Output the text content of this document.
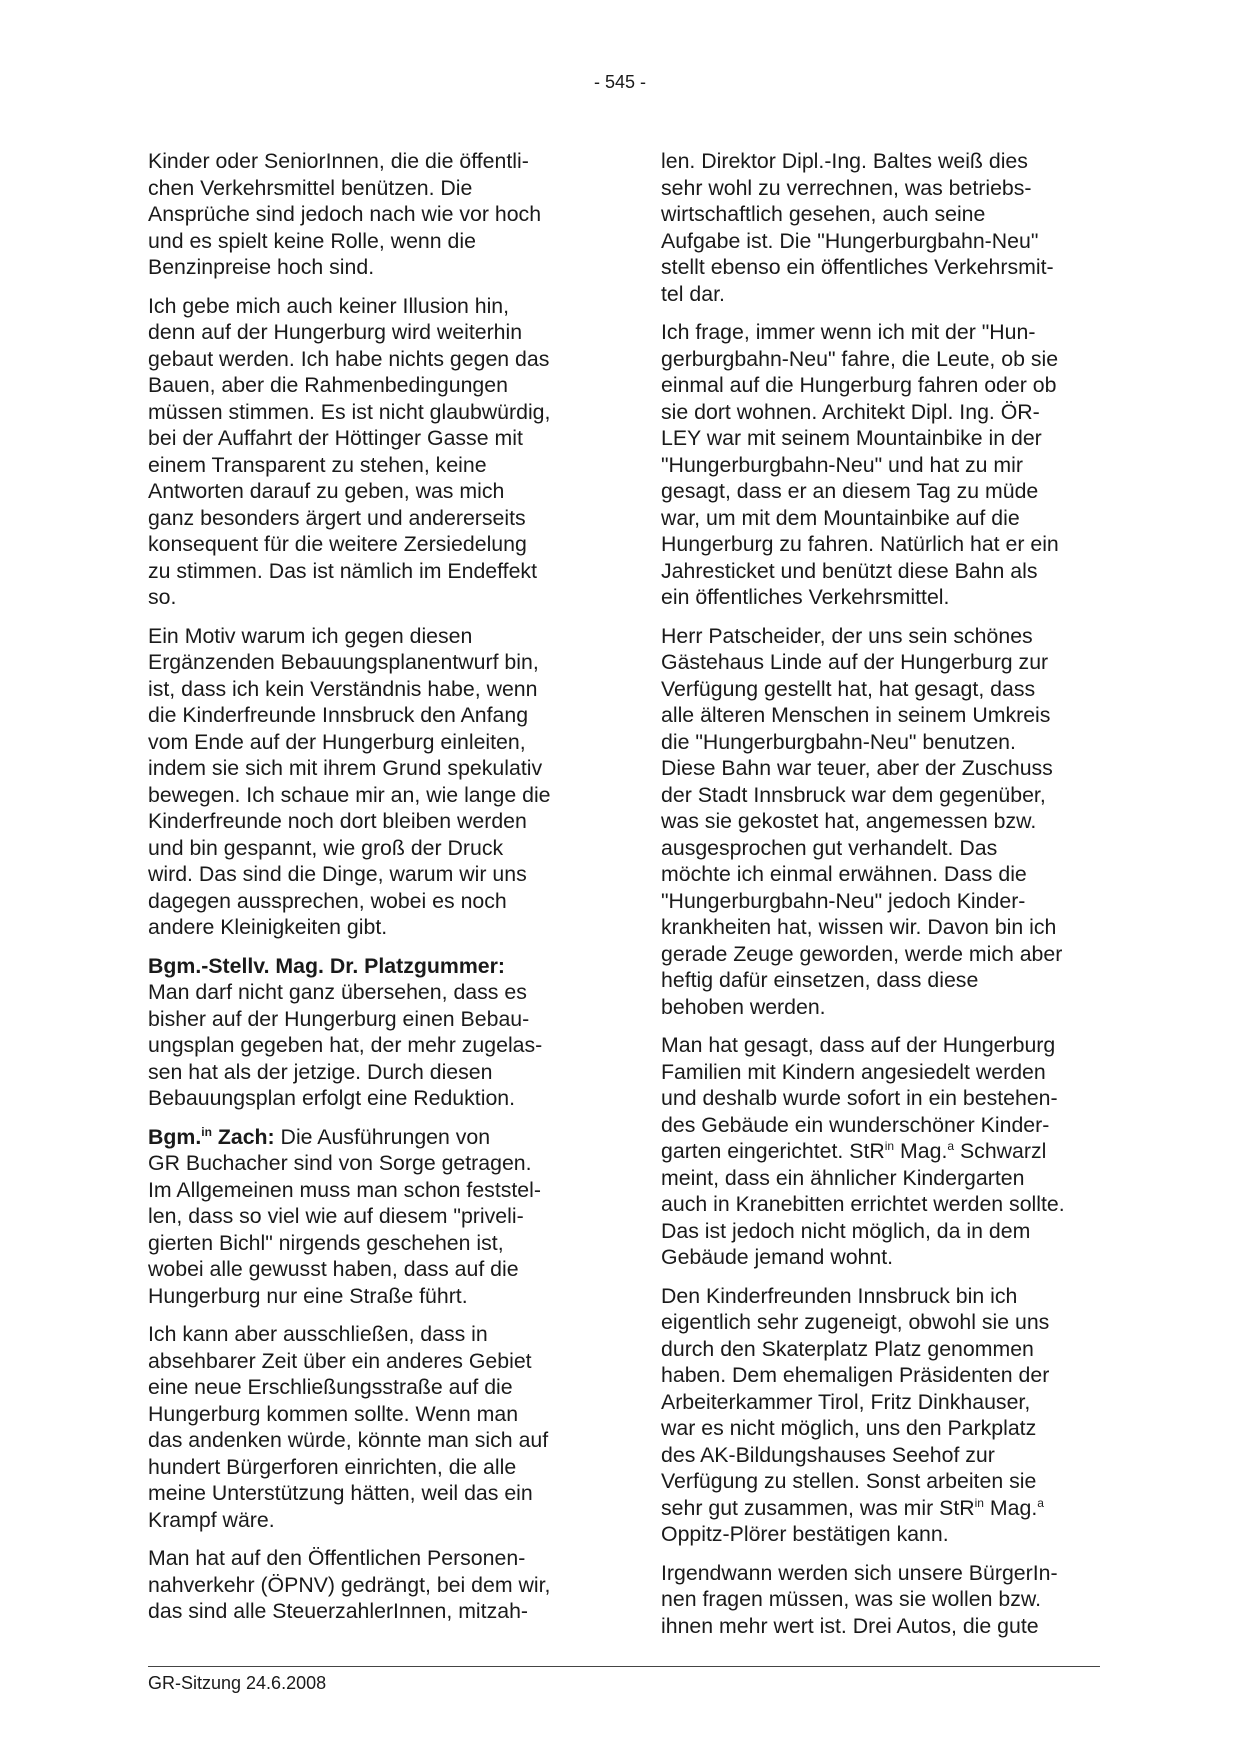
- 545 -

Kinder oder SeniorInnen, die die öffentli-
chen Verkehrsmittel benützen. Die
Ansprüche sind jedoch nach wie vor hoch
und es spielt keine Rolle, wenn die
Benzinpreise hoch sind.

Ich gebe mich auch keiner Illusion hin,
denn auf der Hungerburg wird weiterhin
gebaut werden. Ich habe nichts gegen das
Bauen, aber die Rahmenbedingungen
müssen stimmen. Es ist nicht glaubwürdig,
bei der Auffahrt der Höttinger Gasse mit
einem Transparent zu stehen, keine
Antworten darauf zu geben, was mich
ganz besonders ärgert und andererseits
konsequent für die weitere Zersiedelung
zu stimmen. Das ist nämlich im Endeffekt
so.

Ein Motiv warum ich gegen diesen
Ergänzenden Bebauungsplanentwurf bin,
ist, dass ich kein Verständnis habe, wenn
die Kinderfreunde Innsbruck den Anfang
vom Ende auf der Hungerburg einleiten,
indem sie sich mit ihrem Grund spekulativ
bewegen. Ich schaue mir an, wie lange die
Kinderfreunde noch dort bleiben werden
und bin gespannt, wie groß der Druck
wird. Das sind die Dinge, warum wir uns
dagegen aussprechen, wobei es noch
andere Kleinigkeiten gibt.

Bgm.-Stellv. Mag. Dr. Platzgummer:
Man darf nicht ganz übersehen, dass es
bisher auf der Hungerburg einen Bebau-
ungsplan gegeben hat, der mehr zugelas-
sen hat als der jetzige. Durch diesen
Bebauungsplan erfolgt eine Reduktion.

Bgm.$^{in}$ Zach: Die Ausführungen von
GR Buchacher sind von Sorge getragen.
Im Allgemeinen muss man schon feststel-
len, dass so viel wie auf diesem "priveli-
gierten Bichl" nirgends geschehen ist,
wobei alle gewusst haben, dass auf die
Hungerburg nur eine Straße führt.

Ich kann aber ausschließen, dass in
absehbarer Zeit über ein anderes Gebiet
eine neue Erschließungsstraße auf die
Hungerburg kommen sollte. Wenn man
das andenken würde, könnte man sich auf
hundert Bürgerforen einrichten, die alle
meine Unterstützung hätten, weil das ein
Krampf wäre.

Man hat auf den Öffentlichen Personen-
nahverkehr (ÖPNV) gedrängt, bei dem wir,
das sind alle SteuerzahlerInnen, mitzah-

len. Direktor Dipl.-Ing. Baltes weiß dies
sehr wohl zu verrechnen, was betriebs-
wirtschaftlich gesehen, auch seine
Aufgabe ist. Die "Hungerburgbahn-Neu"
stellt ebenso ein öffentliches Verkehrsmit-
tel dar.

Ich frage, immer wenn ich mit der "Hun-
gerburgbahn-Neu" fahre, die Leute, ob sie
einmal auf die Hungerburg fahren oder ob
sie dort wohnen. Architekt Dipl. Ing. ÖR-
LEY war mit seinem Mountainbike in der
"Hungerburgbahn-Neu" und hat zu mir
gesagt, dass er an diesem Tag zu müde
war, um mit dem Mountainbike auf die
Hungerburg zu fahren. Natürlich hat er ein
Jahresticket und benützt diese Bahn als
ein öffentliches Verkehrsmittel.

Herr Patscheider, der uns sein schönes
Gästehaus Linde auf der Hungerburg zur
Verfügung gestellt hat, hat gesagt, dass
alle älteren Menschen in seinem Umkreis
die "Hungerburgbahn-Neu" benutzen.
Diese Bahn war teuer, aber der Zuschuss
der Stadt Innsbruck war dem gegenüber,
was sie gekostet hat, angemessen bzw.
ausgesprochen gut verhandelt. Das
möchte ich einmal erwähnen. Dass die
"Hungerburgbahn-Neu" jedoch Kinder-
krankheiten hat, wissen wir. Davon bin ich
gerade Zeuge geworden, werde mich aber
heftig dafür einsetzen, dass diese
behoben werden.

Man hat gesagt, dass auf der Hungerburg
Familien mit Kindern angesiedelt werden
und deshalb wurde sofort in ein bestehen-
des Gebäude ein wunderschöner Kinder-
garten eingerichtet. StR$^{in}$ Mag.$^a$ Schwarzl
meint, dass ein ähnlicher Kindergarten
auch in Kranebitten errichtet werden sollte.
Das ist jedoch nicht möglich, da in dem
Gebäude jemand wohnt.

Den Kinderfreunden Innsbruck bin ich
eigentlich sehr zugeneigt, obwohl sie uns
durch den Skaterplatz Platz genommen
haben. Dem ehemaligen Präsidenten der
Arbeiterkammer Tirol, Fritz Dinkhauser,
war es nicht möglich, uns den Parkplatz
des AK-Bildungshauses Seehof zur
Verfügung zu stellen. Sonst arbeiten sie
sehr gut zusammen, was mir StR$^{in}$ Mag.$^a$
Oppitz-Plörer bestätigen kann.

Irgendwann werden sich unsere BürgerIn-
nen fragen müssen, was sie wollen bzw.
ihnen mehr wert ist. Drei Autos, die gute

GR-Sitzung 24.6.2008
